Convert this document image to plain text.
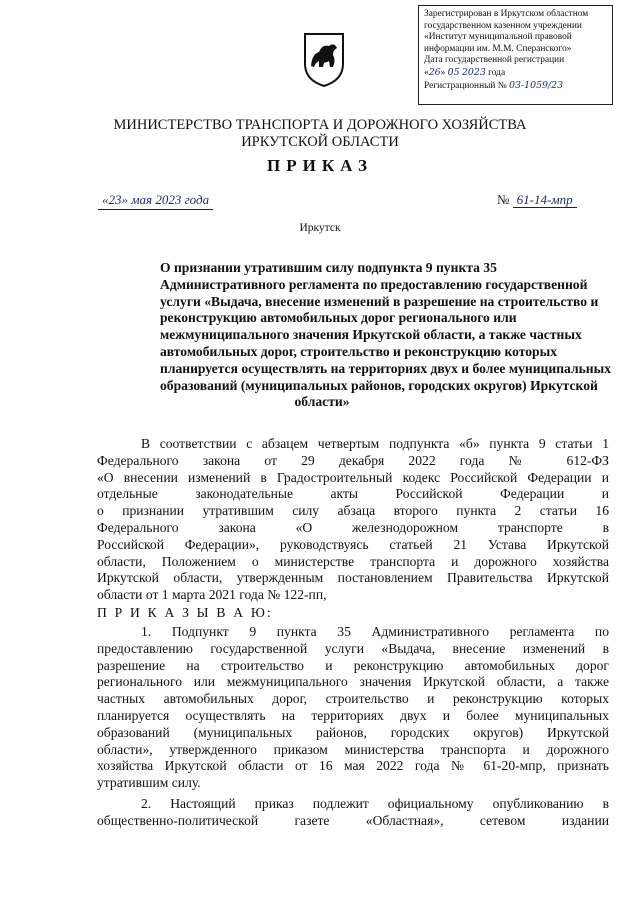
Зарегистрирован в Иркутском областном
государственном казенном учреждении
«Институт муниципальной правовой
информации им. М.М. Сперанского»
Дата государственной регистрации
«26» 05 2023 года
Регистрационный № 03-1059/23
МИНИСТЕРСТВО ТРАНСПОРТА И ДОРОЖНОГО ХОЗЯЙСТВА
ИРКУТСКОЙ ОБЛАСТИ
ПРИКАЗ
«23» мая 2023 года	№ 61-14-мпр
Иркутск
О признании утратившим силу подпункта 9 пункта 35
Административного регламента по предоставлению государственной
услуги «Выдача, внесение изменений в разрешение на строительство и
реконструкцию автомобильных дорог регионального или
межмуниципального значения Иркутской области, а также частных
автомобильных дорог, строительство и реконструкцию которых
планируется осуществлять на территориях двух и более муниципальных
образований (муниципальных районов, городских округов) Иркутской
области»
В соответствии с абзацем четвертым подпункта «б» пункта 9 статьи 1
Федерального закона от 29 декабря 2022 года № 612-ФЗ
«О внесении изменений в Градостроительный кодекс Российской Федерации и
отдельные законодательные акты Российской Федерации и
о признании утратившим силу абзаца второго пункта 2 статьи 16
Федерального закона «О железнодорожном транспорте в
Российской Федерации», руководствуясь статьей 21 Устава Иркутской
области, Положением о министерстве транспорта и дорожного хозяйства
Иркутской области, утвержденным постановлением Правительства Иркутской
области от 1 марта 2021 года № 122-пп,
П Р И К А З Ы В А Ю:
1. Подпункт 9 пункта 35 Административного регламента по
предоставлению государственной услуги «Выдача, внесение изменений в
разрешение на строительство и реконструкцию автомобильных дорог
регионального или межмуниципального значения Иркутской области, а также
частных автомобильных дорог, строительство и реконструкцию которых
планируется осуществлять на территориях двух и более муниципальных
образований (муниципальных районов, городских округов) Иркутской
области», утвержденного приказом министерства транспорта и дорожного
хозяйства Иркутской области от 16 мая 2022 года № 61-20-мпр, признать
утратившим силу.
2. Настоящий приказ подлежит официальному опубликованию в
общественно-политической газете «Областная», сетевом издании
